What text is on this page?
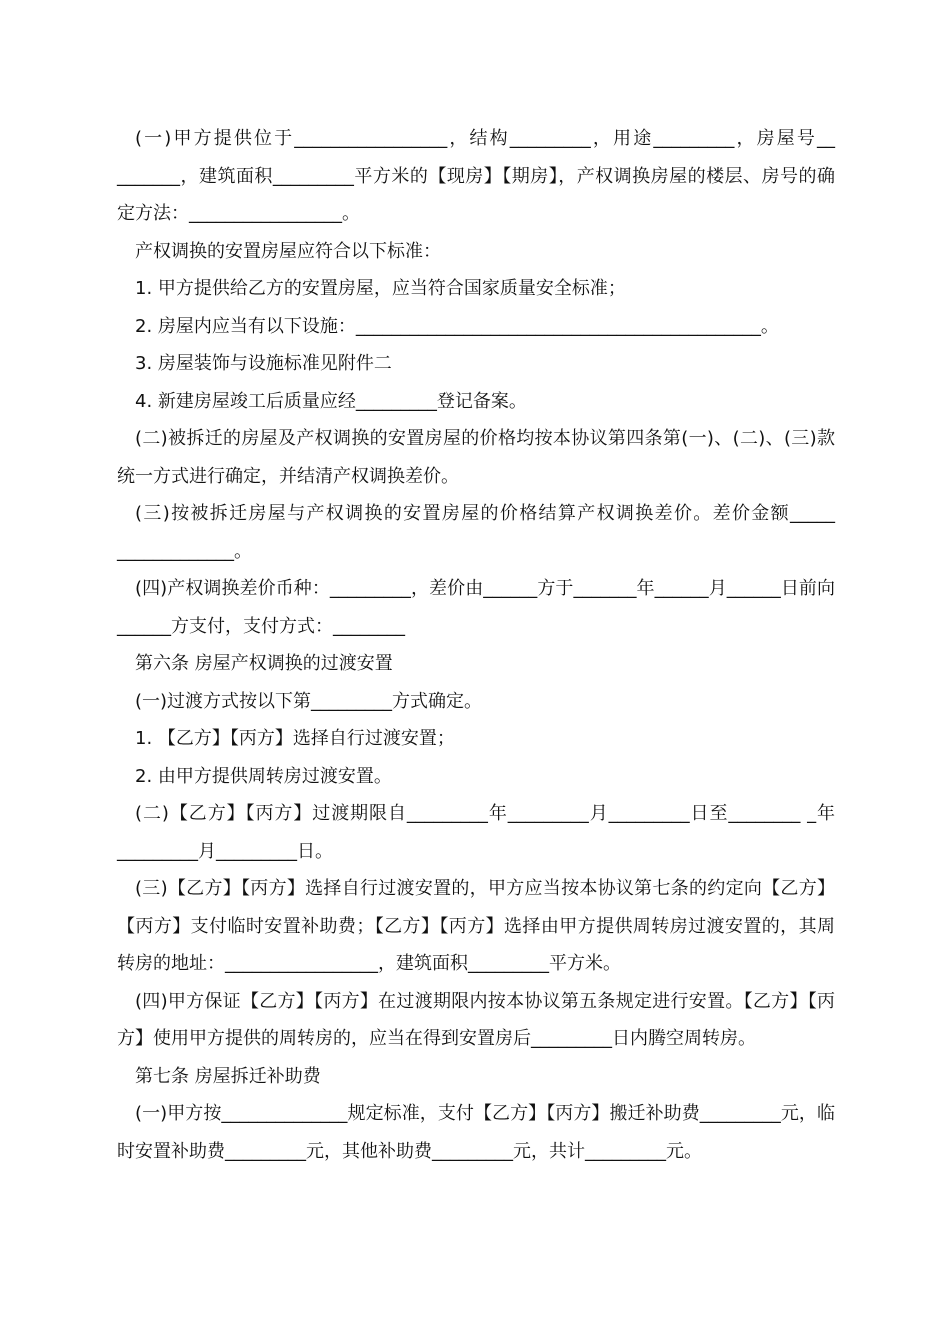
(一)甲方提供位于_________________，结构_________，用途_________，房屋号__ _______，建筑面积_________平方米的【现房】【期房】，产权调换房屋的楼层、房号的确定方法：_________________。

产权调换的安置房屋应符合以下标准：

1. 甲方提供给乙方的安置房屋，应当符合国家质量安全标准；

2. 房屋内应当有以下设施：_____________________________________________。

3. 房屋装饰与设施标准见附件二

4. 新建房屋竣工后质量应经_________登记备案。

(二)被拆迁的房屋及产权调换的安置房屋的价格均按本协议第四条第(一)、(二)、(三)款统一方式进行确定，并结清产权调换差价。

(三)按被拆迁房屋与产权调换的安置房屋的价格结算产权调换差价。差价金额_____ _____________。

(四)产权调换差价币种：_________，差价由______方于_______年______月______日前向______方支付，支付方式：________

第六条 房屋产权调换的过渡安置

(一)过渡方式按以下第_________方式确定。

1. 【乙方】【丙方】选择自行过渡安置；

2. 由甲方提供周转房过渡安置。

(二)【乙方】【丙方】过渡期限自_________年_________月_________日至________ _年_________月_________日。

(三)【乙方】【丙方】选择自行过渡安置的，甲方应当按本协议第七条的约定向【乙方】【丙方】支付临时安置补助费；【乙方】【丙方】选择由甲方提供周转房过渡安置的，其周转房的地址：_________________，建筑面积_________平方米。

(四)甲方保证【乙方】【丙方】在过渡期限内按本协议第五条规定进行安置。【乙方】【丙方】使用甲方提供的周转房的，应当在得到安置房后_________日内腾空周转房。

第七条 房屋拆迁补助费

(一)甲方按______________规定标准，支付【乙方】【丙方】搬迁补助费_________元，临时安置补助费_________元，其他补助费_________元，共计_________元。
